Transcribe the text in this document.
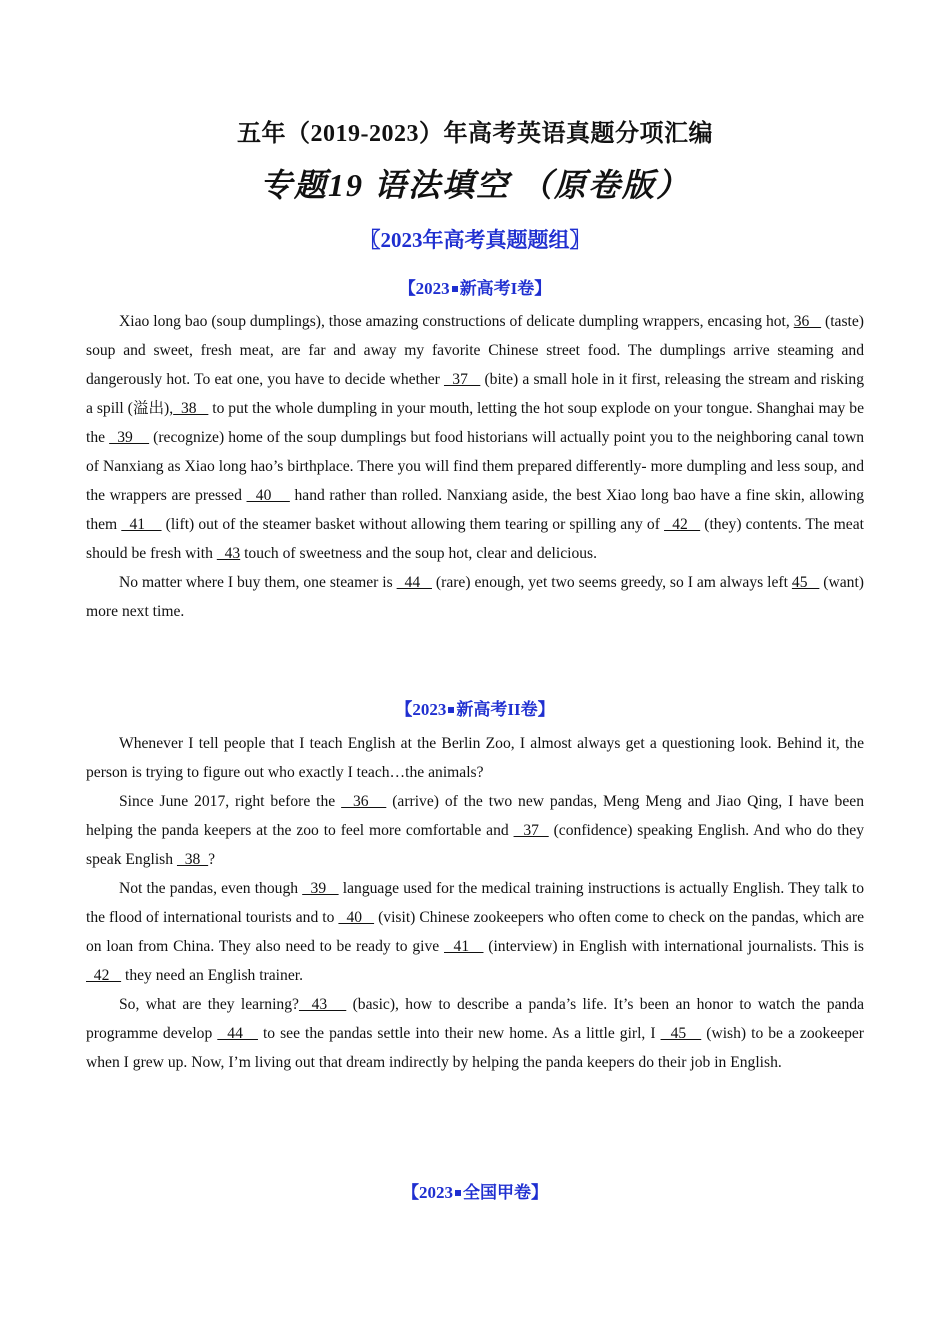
五年（2019-2023）年高考英语真题分项汇编
专题19 语法填空 （原卷版）
〖2023年高考真题题组〗
【2023 新高考I卷】

Xiao long bao (soup dumplings), those amazing constructions of delicate dumpling wrappers, encasing hot, 36    (taste) soup and sweet, fresh meat, are far and away my favorite Chinese street food. The dumplings arrive steaming and dangerously hot. To eat one, you have to decide whether   37    (bite) a small hole in it first, releasing the stream and risking a spill (溢出),  38    to put the whole dumpling in your mouth, letting the hot soup explode on your tongue. Shanghai may be the   39     (recognize) home of the soup dumplings but food historians will actually point you to the neighboring canal town of Nanxiang as Xiao long hao’s birthplace. There you will find them prepared differently- more dumpling and less soup, and the wrappers are pressed   40     hand rather than rolled. Nanxiang aside, the best Xiao long bao have a fine skin, allowing them   41     (lift) out of the steamer basket without allowing them tearing or spilling any of   42    (they) contents. The meat should be fresh with   43 touch of sweetness and the soup hot, clear and delicious.

No matter where I buy them, one steamer is   44    (rare) enough, yet two seems greedy, so I am always left 45    (want) more next time.

【2023 新高考II卷】

Whenever I tell people that I teach English at the Berlin Zoo, I almost always get a questioning look. Behind it, the person is trying to figure out who exactly I teach…the animals?

Since June 2017, right before the   36    (arrive) of the two new pandas, Meng Meng and Jiao Qing, I have been helping the panda keepers at the zoo to feel more comfortable and   37   (confidence) speaking English. And who do they speak English   38  ?

Not the pandas, even though   39    language used for the medical training instructions is actually English. They talk to the flood of international tourists and to   40    (visit) Chinese zookeepers who often come to check on the pandas, which are on loan from China. They also need to be ready to give   41    (interview) in English with international journalists. This is   42    they need an English trainer.

So, what are they learning?  43    (basic), how to describe a panda’s life. It’s been an honor to watch the panda programme develop   44    to see the pandas settle into their new home. As a little girl, I   45    (wish) to be a zookeeper when I grew up. Now, I’m living out that dream indirectly by helping the panda keepers do their job in English.

【2023 全国甲卷】
